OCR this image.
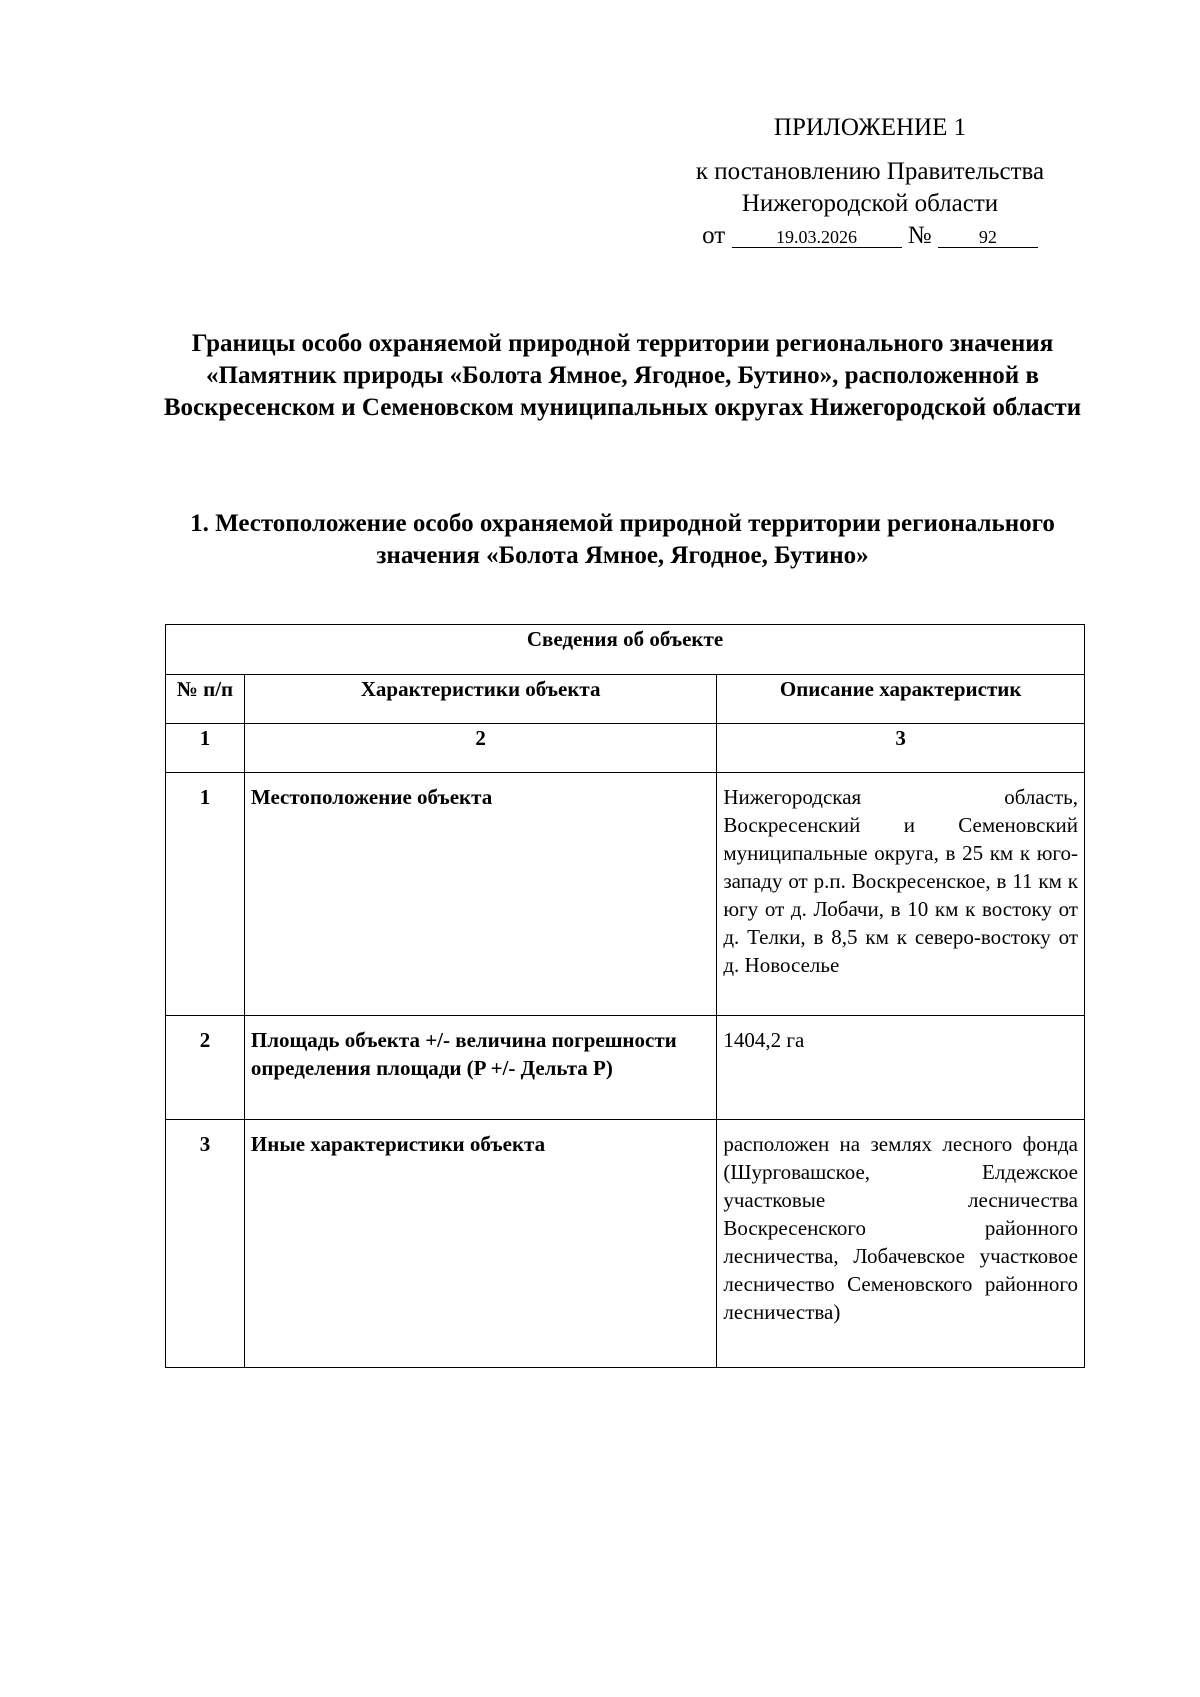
ПРИЛОЖЕНИЕ 1
к постановлению Правительства
Нижегородской области
от	19.03.2026 №	92
Границы особо охраняемой природной территории регионального значения «Памятник природы «Болота Ямное, Ягодное, Бутино», расположенной в Воскресенском и Семеновском муниципальных округах Нижегородской области
1. Местоположение особо охраняемой природной территории регионального значения «Болота Ямное, Ягодное, Бутино»
Сведения об объекте		
№ п/п	Характеристики объекта	Описание характеристик
1	2	3
1	Местоположение объекта	Нижегородская область, Воскресенский и Семеновский муниципальные округа, в 25 км к юго-западу от р.п. Воскресенское, в 11 км к югу от д. Лобачи, в 10 км к востоку от д. Телки, в 8,5 км к северо-востоку от д. Новоселье
2	Площадь объекта +/- величина погрешности определения площади (P +/- Дельта P)	1404,2 га
3	Иные характеристики объекта	расположен на землях лесного фонда (Шурговашское, Елдежское участковые лесничества Воскресенского районного лесничества, Лобачевское участковое лесничество Семеновского районного лесничества)
